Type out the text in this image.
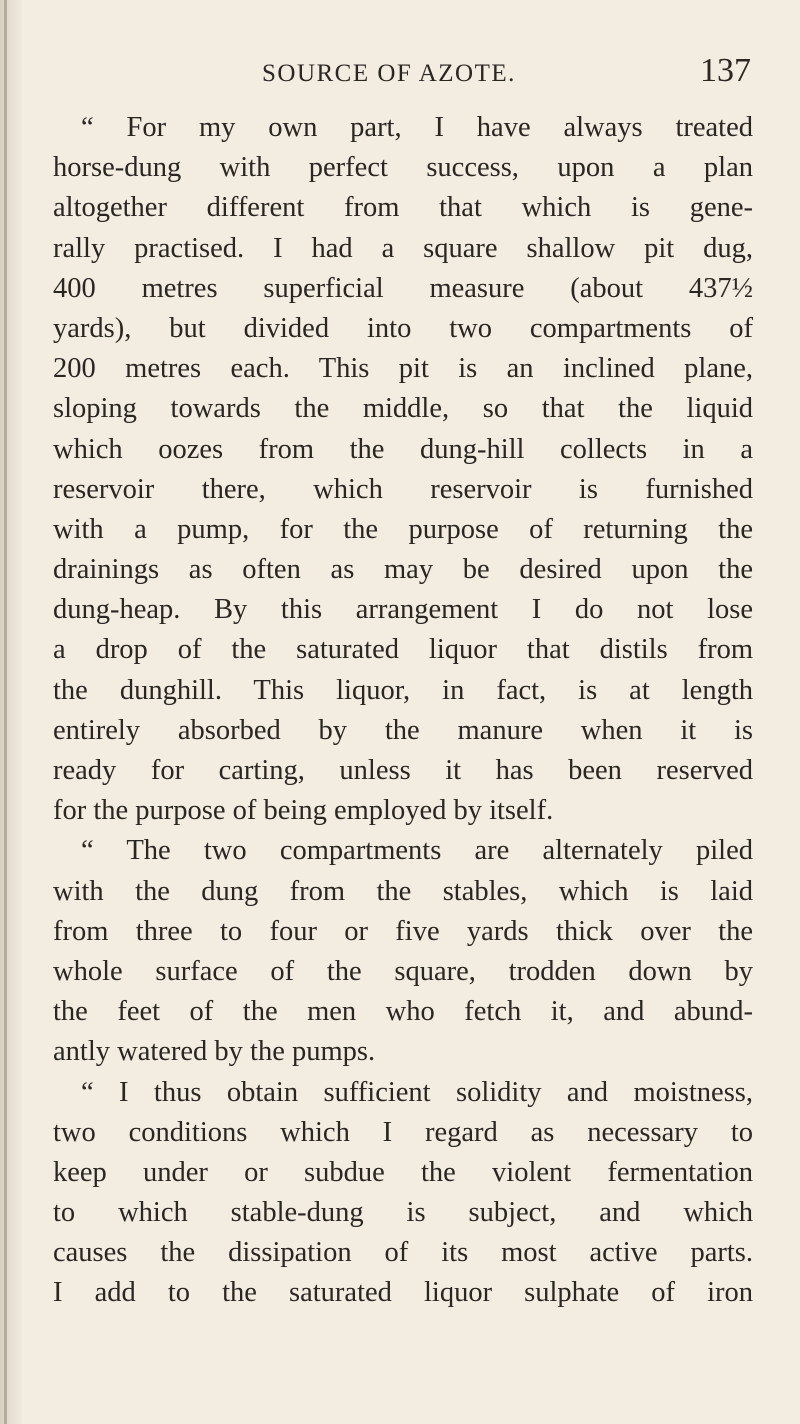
SOURCE OF AZOTE.	137
“ For my own part, I have always treated
horse-dung with perfect success, upon a plan
altogether different from that which is gene-
rally practised. I had a square shallow pit dug,
400 metres superficial measure (about 437½
yards), but divided into two compartments of
200 metres each. This pit is an inclined plane,
sloping towards the middle, so that the liquid
which oozes from the dung-hill collects in a
reservoir there, which reservoir is furnished
with a pump, for the purpose of returning the
drainings as often as may be desired upon the
dung-heap. By this arrangement I do not lose
a drop of the saturated liquor that distils from
the dunghill. This liquor, in fact, is at length
entirely absorbed by the manure when it is
ready for carting, unless it has been reserved
for the purpose of being employed by itself.
“ The two compartments are alternately piled
with the dung from the stables, which is laid
from three to four or five yards thick over the
whole surface of the square, trodden down by
the feet of the men who fetch it, and abund-
antly watered by the pumps.
“ I thus obtain sufficient solidity and moistness,
two conditions which I regard as necessary to
keep under or subdue the violent fermentation
to which stable-dung is subject, and which
causes the dissipation of its most active parts.
I add to the saturated liquor sulphate of iron
